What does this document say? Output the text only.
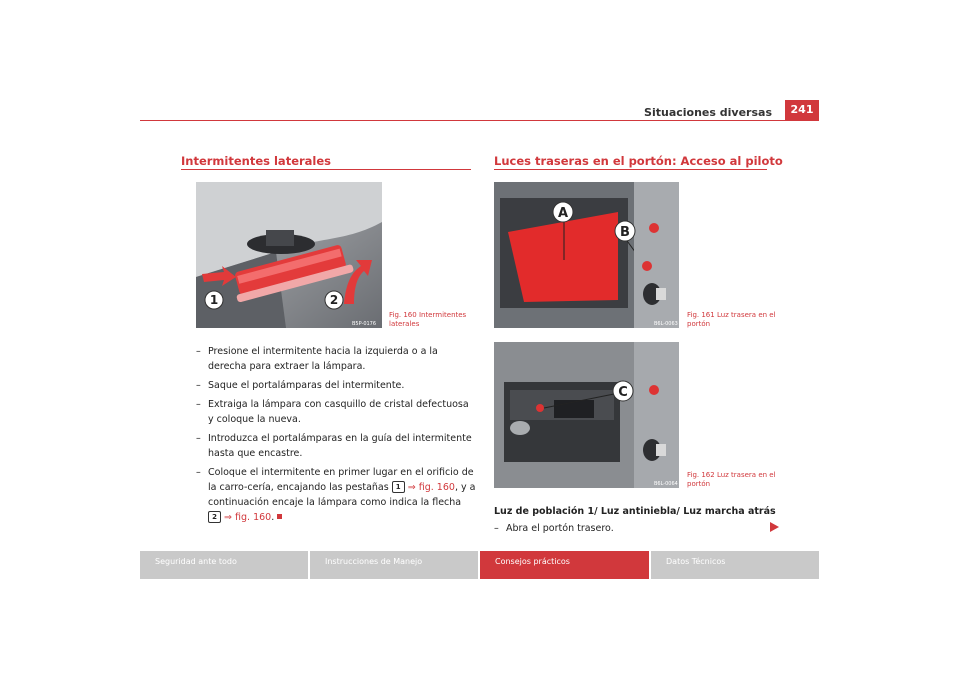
Situaciones diversas	241
Intermitentes laterales
1	2
B5P-0176
Fig. 160 Intermitentes laterales
– Presione el intermitente hacia la izquierda o a la derecha para extraer la lámpara.
– Saque el portalámparas del intermitente.
– Extraiga la lámpara con casquillo de cristal defectuosa y coloque la nueva.
– Introduzca el portalámparas en la guía del intermitente hasta que encastre.
– Coloque el intermitente en primer lugar en el orificio de la carro-cería, encajando las pestañas 1 ⇒ fig. 160, y a continuación encaje la lámpara como indica la flecha 2 ⇒ fig. 160.
Luces traseras en el portón: Acceso al piloto
A
B
B6L-0063
Fig. 161 Luz trasera en el portón
C
B6L-0064
Fig. 162 Luz trasera en el portón
Luz de población 1/ Luz antiniebla/ Luz marcha atrás
– Abra el portón trasero.
Seguridad ante todo	Instrucciones de Manejo	Consejos prácticos	Datos Técnicos
